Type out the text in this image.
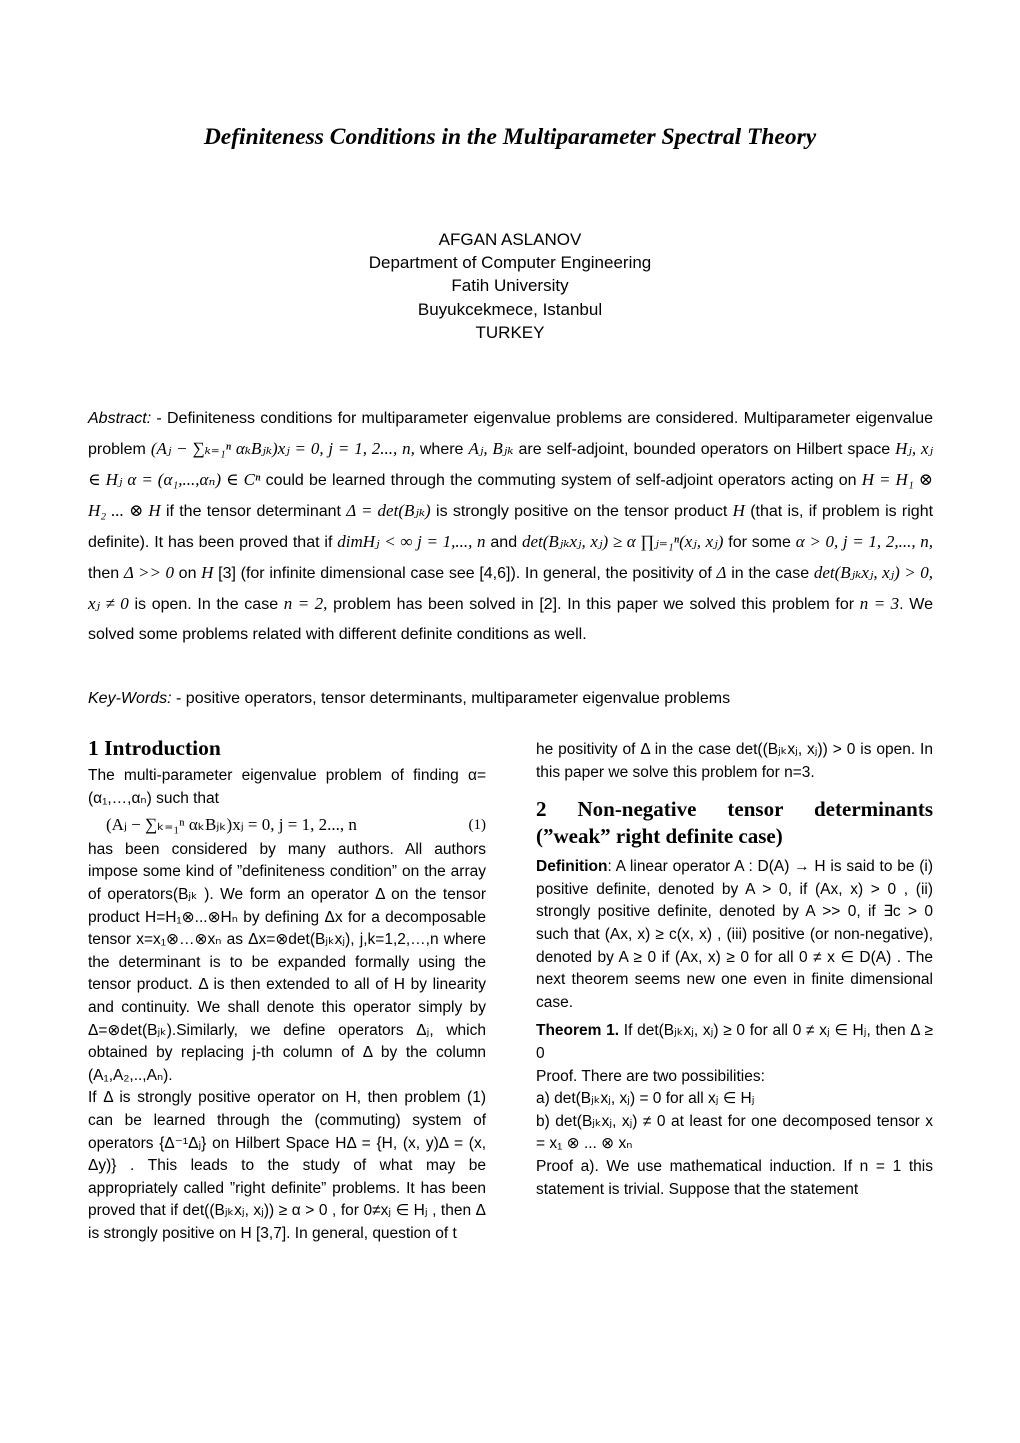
Definiteness Conditions in the Multiparameter Spectral Theory
AFGAN ASLANOV
Department of Computer Engineering
Fatih University
Buyukcekmece, Istanbul
TURKEY
Abstract: - Definiteness conditions for multiparameter eigenvalue problems are considered. Multiparameter eigenvalue problem (Aⱼ − ∑ₖ₌₁ⁿ αₖBⱼₖ)xⱼ = 0, j = 1, 2..., n, where Aⱼ, Bⱼₖ are self-adjoint, bounded operators on Hilbert space Hⱼ, xⱼ ∈ Hⱼ α = (α₁,...,αₙ) ∈ Cⁿ could be learned through the commuting system of self-adjoint operators acting on H = H₁ ⊗ H₂ ... ⊗ H if the tensor determinant Δ = det(Bⱼₖ) is strongly positive on the tensor product H (that is, if problem is right definite). It has been proved that if dimHⱼ < ∞ j = 1,..., n and det(Bⱼₖxⱼ, xⱼ) ≥ α ∏ⱼ₌₁ⁿ(xⱼ, xⱼ) for some α > 0, j = 1, 2,..., n, then Δ >> 0 on H [3] (for infinite dimensional case see [4,6]). In general, the positivity of Δ in the case det(Bⱼₖxⱼ, xⱼ) > 0, xⱼ ≠ 0 is open. In the case n = 2, problem has been solved in [2]. In this paper we solved this problem for n = 3. We solved some problems related with different definite conditions as well.
Key-Words: - positive operators, tensor determinants, multiparameter eigenvalue problems
1 Introduction

The multi-parameter eigenvalue problem of finding α=(α₁,…,αₙ) such that

(Aⱼ − ∑ₖ₌₁ⁿ αₖBⱼₖ)xⱼ = 0, j = 1, 2..., n	(1)

has been considered by many authors. All authors impose some kind of ”definiteness condition” on the array of operators(Bⱼₖ ). We form an operator Δ on the tensor product H=H₁⊗...⊗Hₙ by defining Δx for a decomposable tensor x=x₁⊗…⊗xₙ as Δx=⊗det(Bⱼₖxⱼ), j,k=1,2,…,n where the determinant is to be expanded formally using the tensor product. Δ is then extended to all of H by linearity and continuity. We shall denote this operator simply by Δ=⊗det(Bⱼₖ).Similarly, we define operators Δⱼ, which obtained by replacing j-th column of Δ by the column (A₁,A₂,..,Aₙ).

If Δ is strongly positive operator on H, then problem (1) can be learned through the (commuting) system of operators {Δ⁻¹Δⱼ} on Hilbert Space HΔ = {H, (x, y)Δ = (x, Δy)} . This leads to the study of what may be appropriately called ”right definite” problems. It has been proved that if det((Bⱼₖxⱼ, xⱼ)) ≥ α > 0 , for 0≠xⱼ ∈ Hⱼ , then Δ is strongly positive on H [3,7]. In general, question of t

he positivity of Δ in the case det((Bⱼₖxⱼ, xⱼ)) > 0 is open. In this paper we solve this problem for n=3.

2 Non-negative tensor determinants (”weak” right definite case)

Definition: A linear operator A : D(A) → H is said to be (i) positive definite, denoted by A > 0, if (Ax, x) > 0 , (ii) strongly positive definite, denoted by A >> 0, if ∃c > 0 such that (Ax, x) ≥ c(x, x) , (iii) positive (or non-negative), denoted by A ≥ 0 if (Ax, x) ≥ 0 for all 0 ≠ x ∈ D(A) . The next theorem seems new one even in finite dimensional case.

Theorem 1. If det(Bⱼₖxⱼ, xⱼ) ≥ 0 for all 0 ≠ xⱼ ∈ Hⱼ, then Δ ≥ 0

Proof. There are two possibilities:

a) det(Bⱼₖxⱼ, xⱼ) = 0 for all xⱼ ∈ Hⱼ

b) det(Bⱼₖxⱼ, xⱼ) ≠ 0 at least for one decomposed tensor x = x₁ ⊗ ... ⊗ xₙ

Proof a). We use mathematical induction. If n = 1 this statement is trivial. Suppose that the statement
